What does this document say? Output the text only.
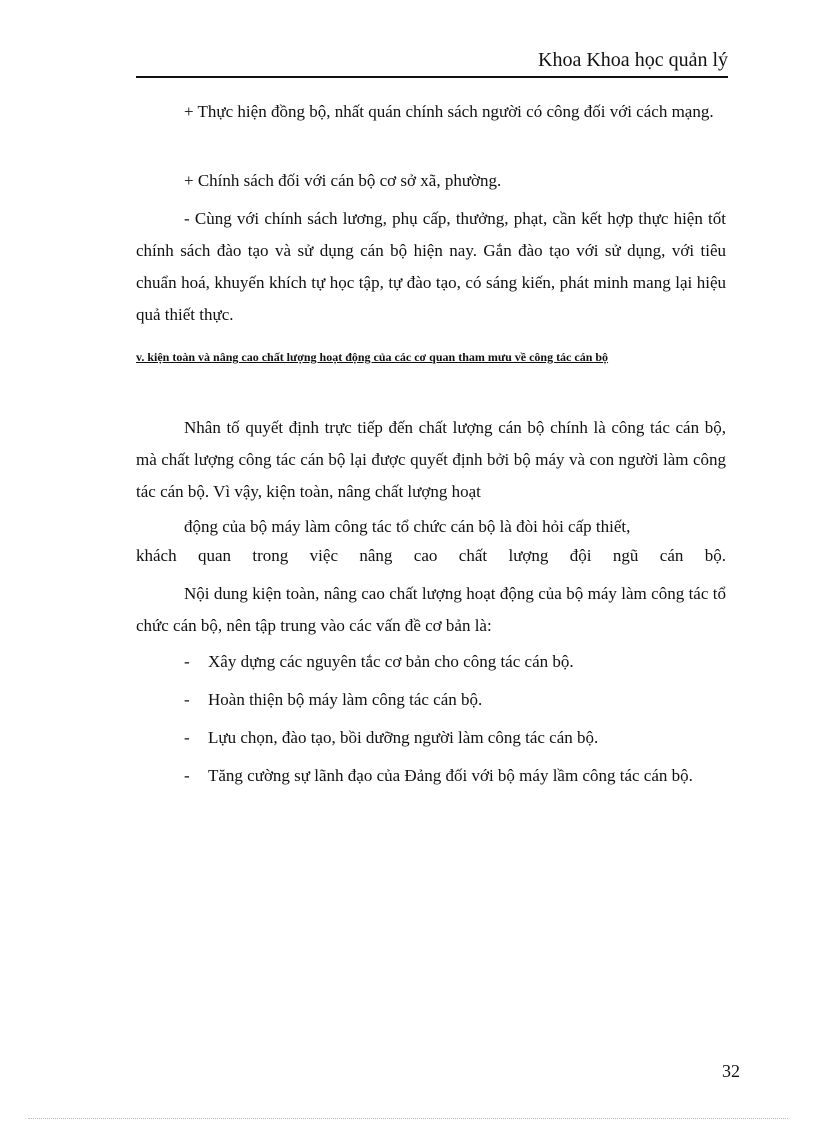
Khoa Khoa học quản lý

+ Thực hiện đồng bộ, nhất quán chính sách người có công đối với cách mạng.

+ Chính sách đối với cán bộ cơ sở xã, phường.

- Cùng với chính sách lương, phụ cấp, thưởng, phạt, cần kết hợp thực hiện tốt chính sách đào tạo và sử dụng cán bộ hiện nay. Gắn đào tạo với sử dụng, với tiêu chuẩn hoá, khuyến khích tự học tập, tự đào tạo, có sáng kiến, phát minh mang lại hiệu quả thiết thực.

v. kiện toàn và nâng cao chất lượng hoạt động của các cơ quan tham mưu về công tác cán bộ

Nhân tố quyết định trực tiếp đến chất lượng cán bộ chính là công tác cán bộ, mà chất lượng công tác cán bộ lại được quyết định bởi bộ máy và con người làm công tác cán bộ. Vì vậy, kiện toàn, nâng chất lượng hoạt

động của bộ máy làm công tác tổ chức cán bộ là đòi hỏi cấp thiết,

khách quan trong việc nâng cao chất lượng đội ngũ cán bộ.

Nội dung kiện toàn, nâng cao chất lượng hoạt động của bộ máy làm công tác tổ chức cán bộ, nên tập trung vào các vấn đề cơ bản là:

- Xây dựng các nguyên tắc cơ bản cho công tác cán bộ.
- Hoàn thiện bộ máy làm công tác cán bộ.
- Lựu chọn, đào tạo, bồi dưỡng người làm công tác cán bộ.
- Tăng cường sự lãnh đạo của Đảng đối với bộ máy lầm công tác cán bộ.
32
